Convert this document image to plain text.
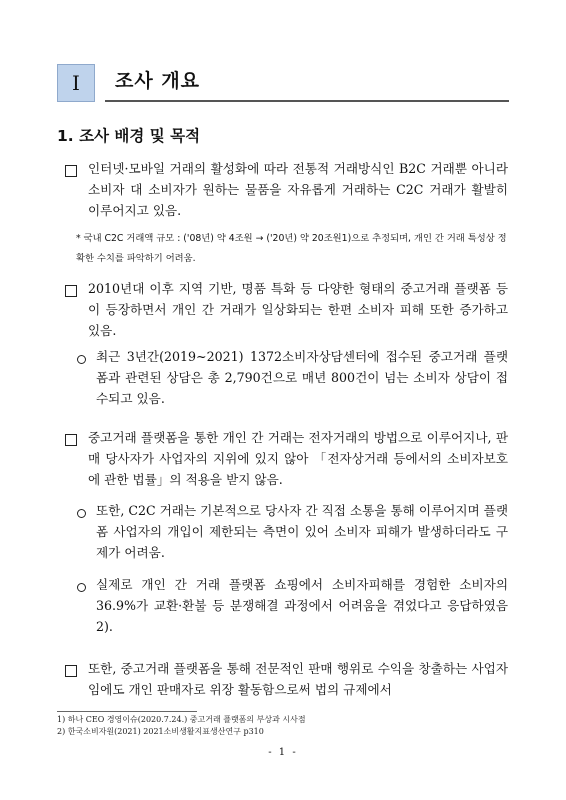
Ⅰ	조사 개요
1. 조사 배경 및 목적
인터넷·모바일 거래의 활성화에 따라 전통적 거래방식인 B2C 거래뿐 아니라 소비자 대 소비자가 원하는 물품을 자유롭게 거래하는 C2C 거래가 활발히 이루어지고 있음.
* 국내 C2C 거래액 규모 : ('08년) 약 4조원 → ('20년) 약 20조원1)으로 추정되며, 개인 간 거래 특성상 정확한 수치를 파악하기 어려움.
2010년대 이후 지역 기반, 명품 특화 등 다양한 형태의 중고거래 플랫폼 등이 등장하면서 개인 간 거래가 일상화되는 한편 소비자 피해 또한 증가하고 있음.
최근 3년간(2019~2021) 1372소비자상담센터에 접수된 중고거래 플랫폼과 관련된 상담은 총 2,790건으로 매년 800건이 넘는 소비자 상담이 접수되고 있음.
중고거래 플랫폼을 통한 개인 간 거래는 전자거래의 방법으로 이루어지나, 판매 당사자가 사업자의 지위에 있지 않아 「전자상거래 등에서의 소비자보호에 관한 법률」의 적용을 받지 않음.
또한, C2C 거래는 기본적으로 당사자 간 직접 소통을 통해 이루어지며 플랫폼 사업자의 개입이 제한되는 측면이 있어 소비자 피해가 발생하더라도 구제가 어려움.
실제로 개인 간 거래 플랫폼 쇼핑에서 소비자피해를 경험한 소비자의 36.9%가 교환·환불 등 분쟁해결 과정에서 어려움을 겪었다고 응답하였음2).
또한, 중고거래 플랫폼을 통해 전문적인 판매 행위로 수익을 창출하는 사업자임에도 개인 판매자로 위장 활동함으로써 법의 규제에서
1) 하나 CEO 경영이슈(2020.7.24.) 중고거래 플랫폼의 부상과 시사점
2) 한국소비자원(2021) 2021소비생활지표생산연구 p310
- 1 -
